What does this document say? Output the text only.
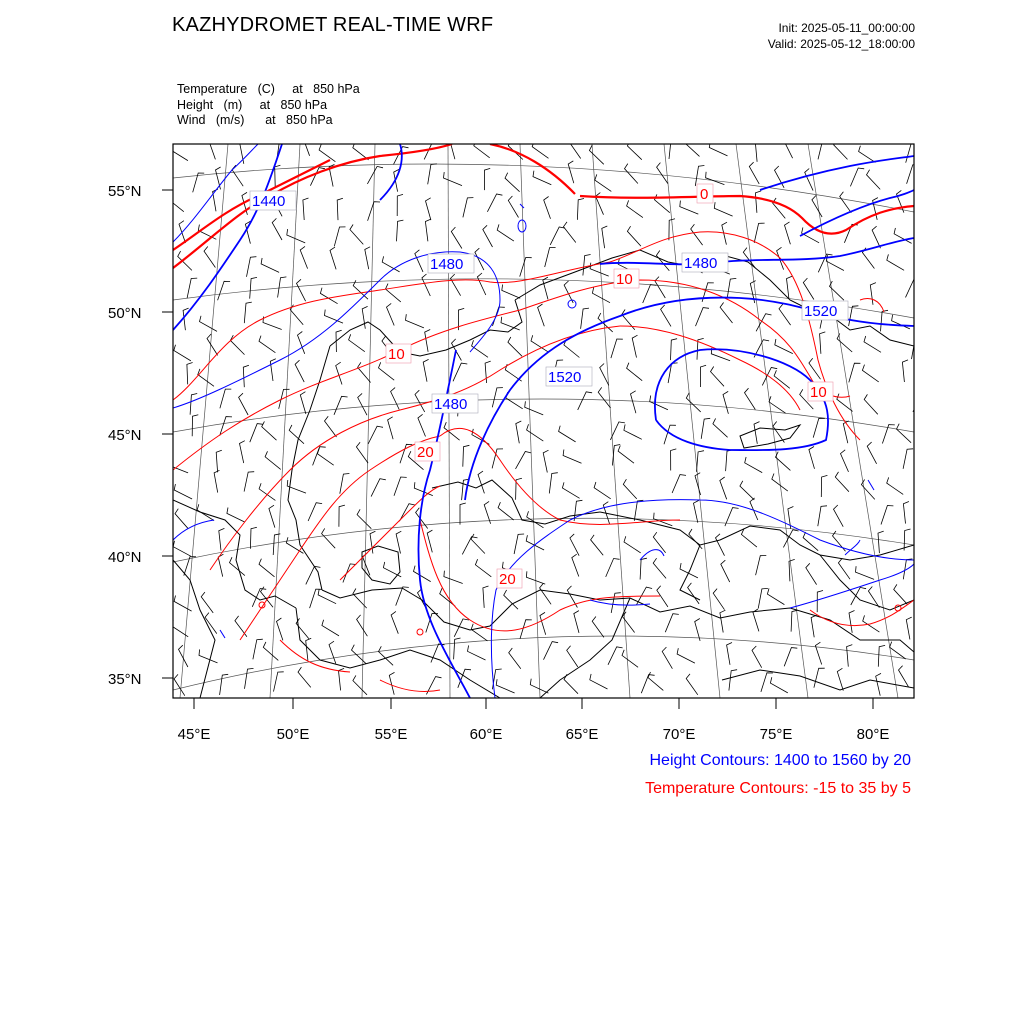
KAZHYDROMET REAL-TIME WRF	Init: 2025-05-11_00:00:00
Valid: 2025-05-12_18:00:00
Temperature   (C)     at   850 hPa
Height   (m)     at   850 hPa
Wind   (m/s)      at   850 hPa
55°N
50°N
45°N
40°N
35°N
45°E	50°E	55°E	60°E	65°E	70°E	75°E	80°E
1440
1480	1480
1480
1520
1520
0
10
10
10
20
20
Height Contours: 1400 to 1560 by 20
Temperature Contours: -15 to 35 by 5
